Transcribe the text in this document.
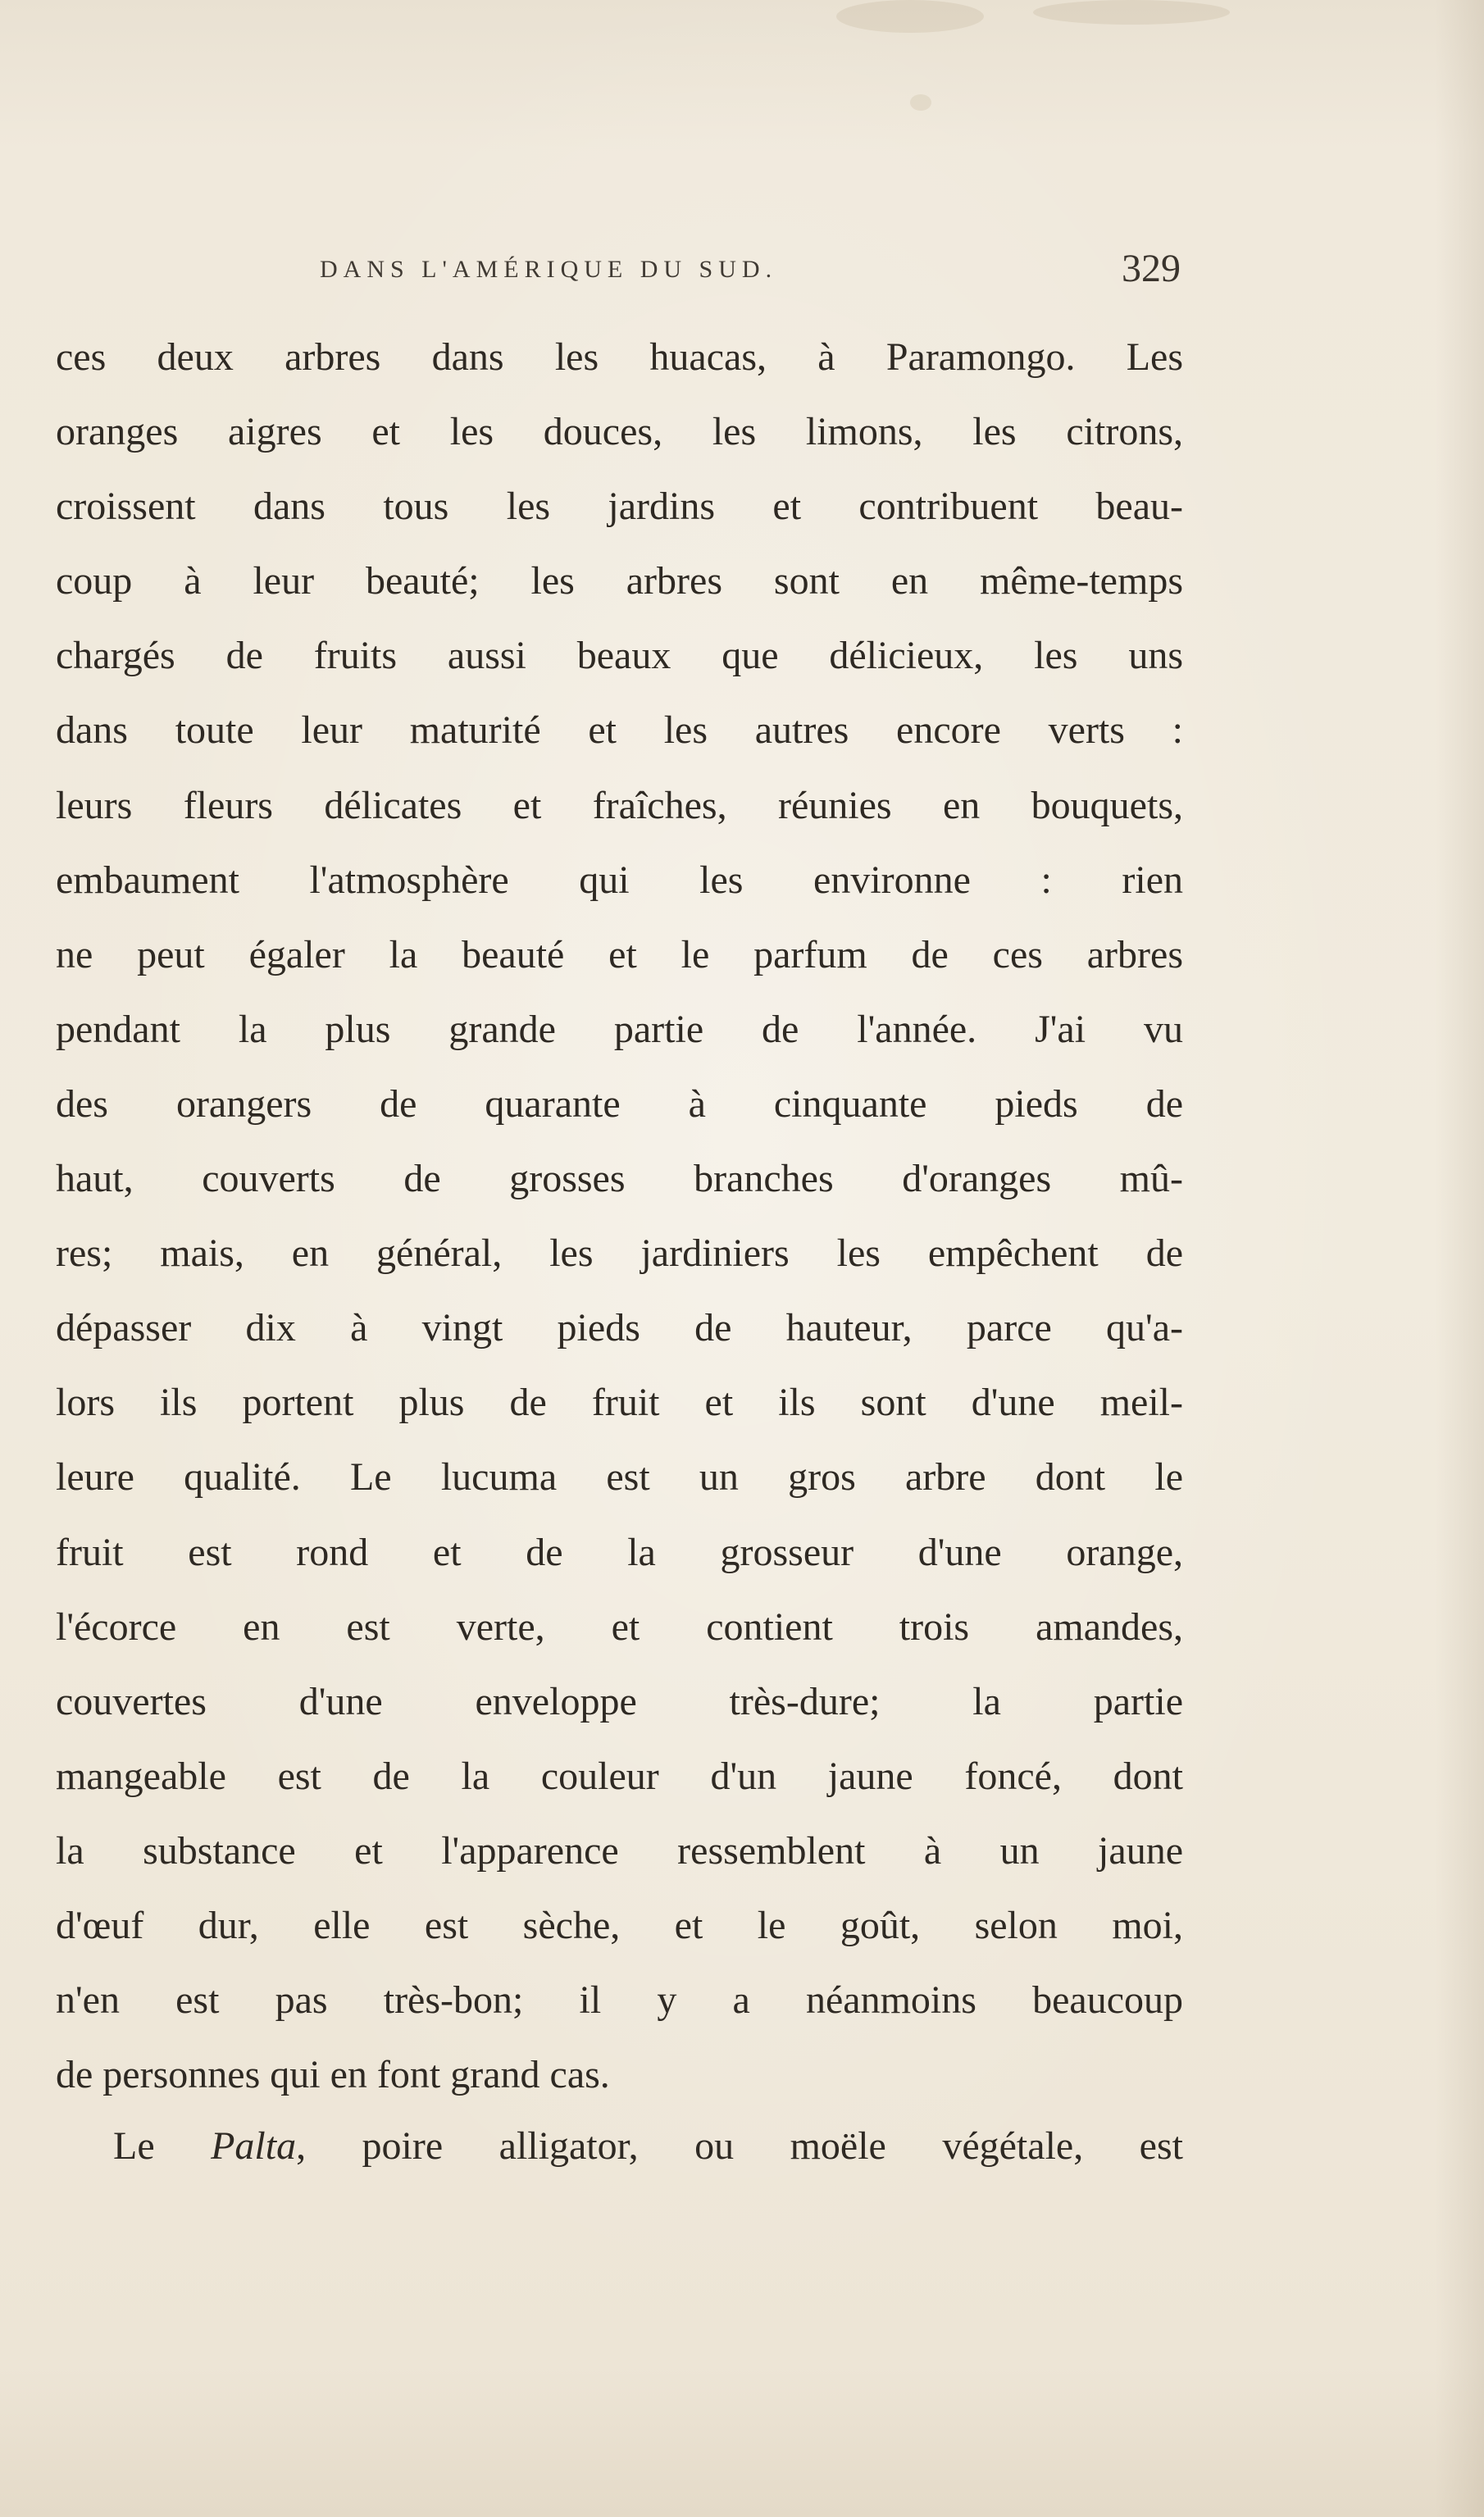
DANS L'AMÉRIQUE DU SUD.	329
ces deux arbres dans les huacas, à Paramongo. Les
oranges aigres et les douces, les limons, les citrons,
croissent dans tous les jardins et contribuent beau-
coup à leur beauté; les arbres sont en même-temps
chargés de fruits aussi beaux que délicieux, les uns
dans toute leur maturité et les autres encore verts :
leurs fleurs délicates et fraîches, réunies en bouquets,
embaument l'atmosphère qui les environne : rien
ne peut égaler la beauté et le parfum de ces arbres
pendant la plus grande partie de l'année. J'ai vu
des orangers de quarante à cinquante pieds de
haut, couverts de grosses branches d'oranges mû-
res; mais, en général, les jardiniers les empêchent de
dépasser dix à vingt pieds de hauteur, parce qu'a-
lors ils portent plus de fruit et ils sont d'une meil-
leure qualité. Le lucuma est un gros arbre dont le
fruit est rond et de la grosseur d'une orange,
l'écorce en est verte, et contient trois amandes,
couvertes d'une enveloppe très-dure; la partie
mangeable est de la couleur d'un jaune foncé, dont
la substance et l'apparence ressemblent à un jaune
d'œuf dur, elle est sèche, et le goût, selon moi,
n'en est pas très-bon; il y a néanmoins beaucoup
de personnes qui en font grand cas.
Le Palta, poire alligator, ou moële végétale, est
